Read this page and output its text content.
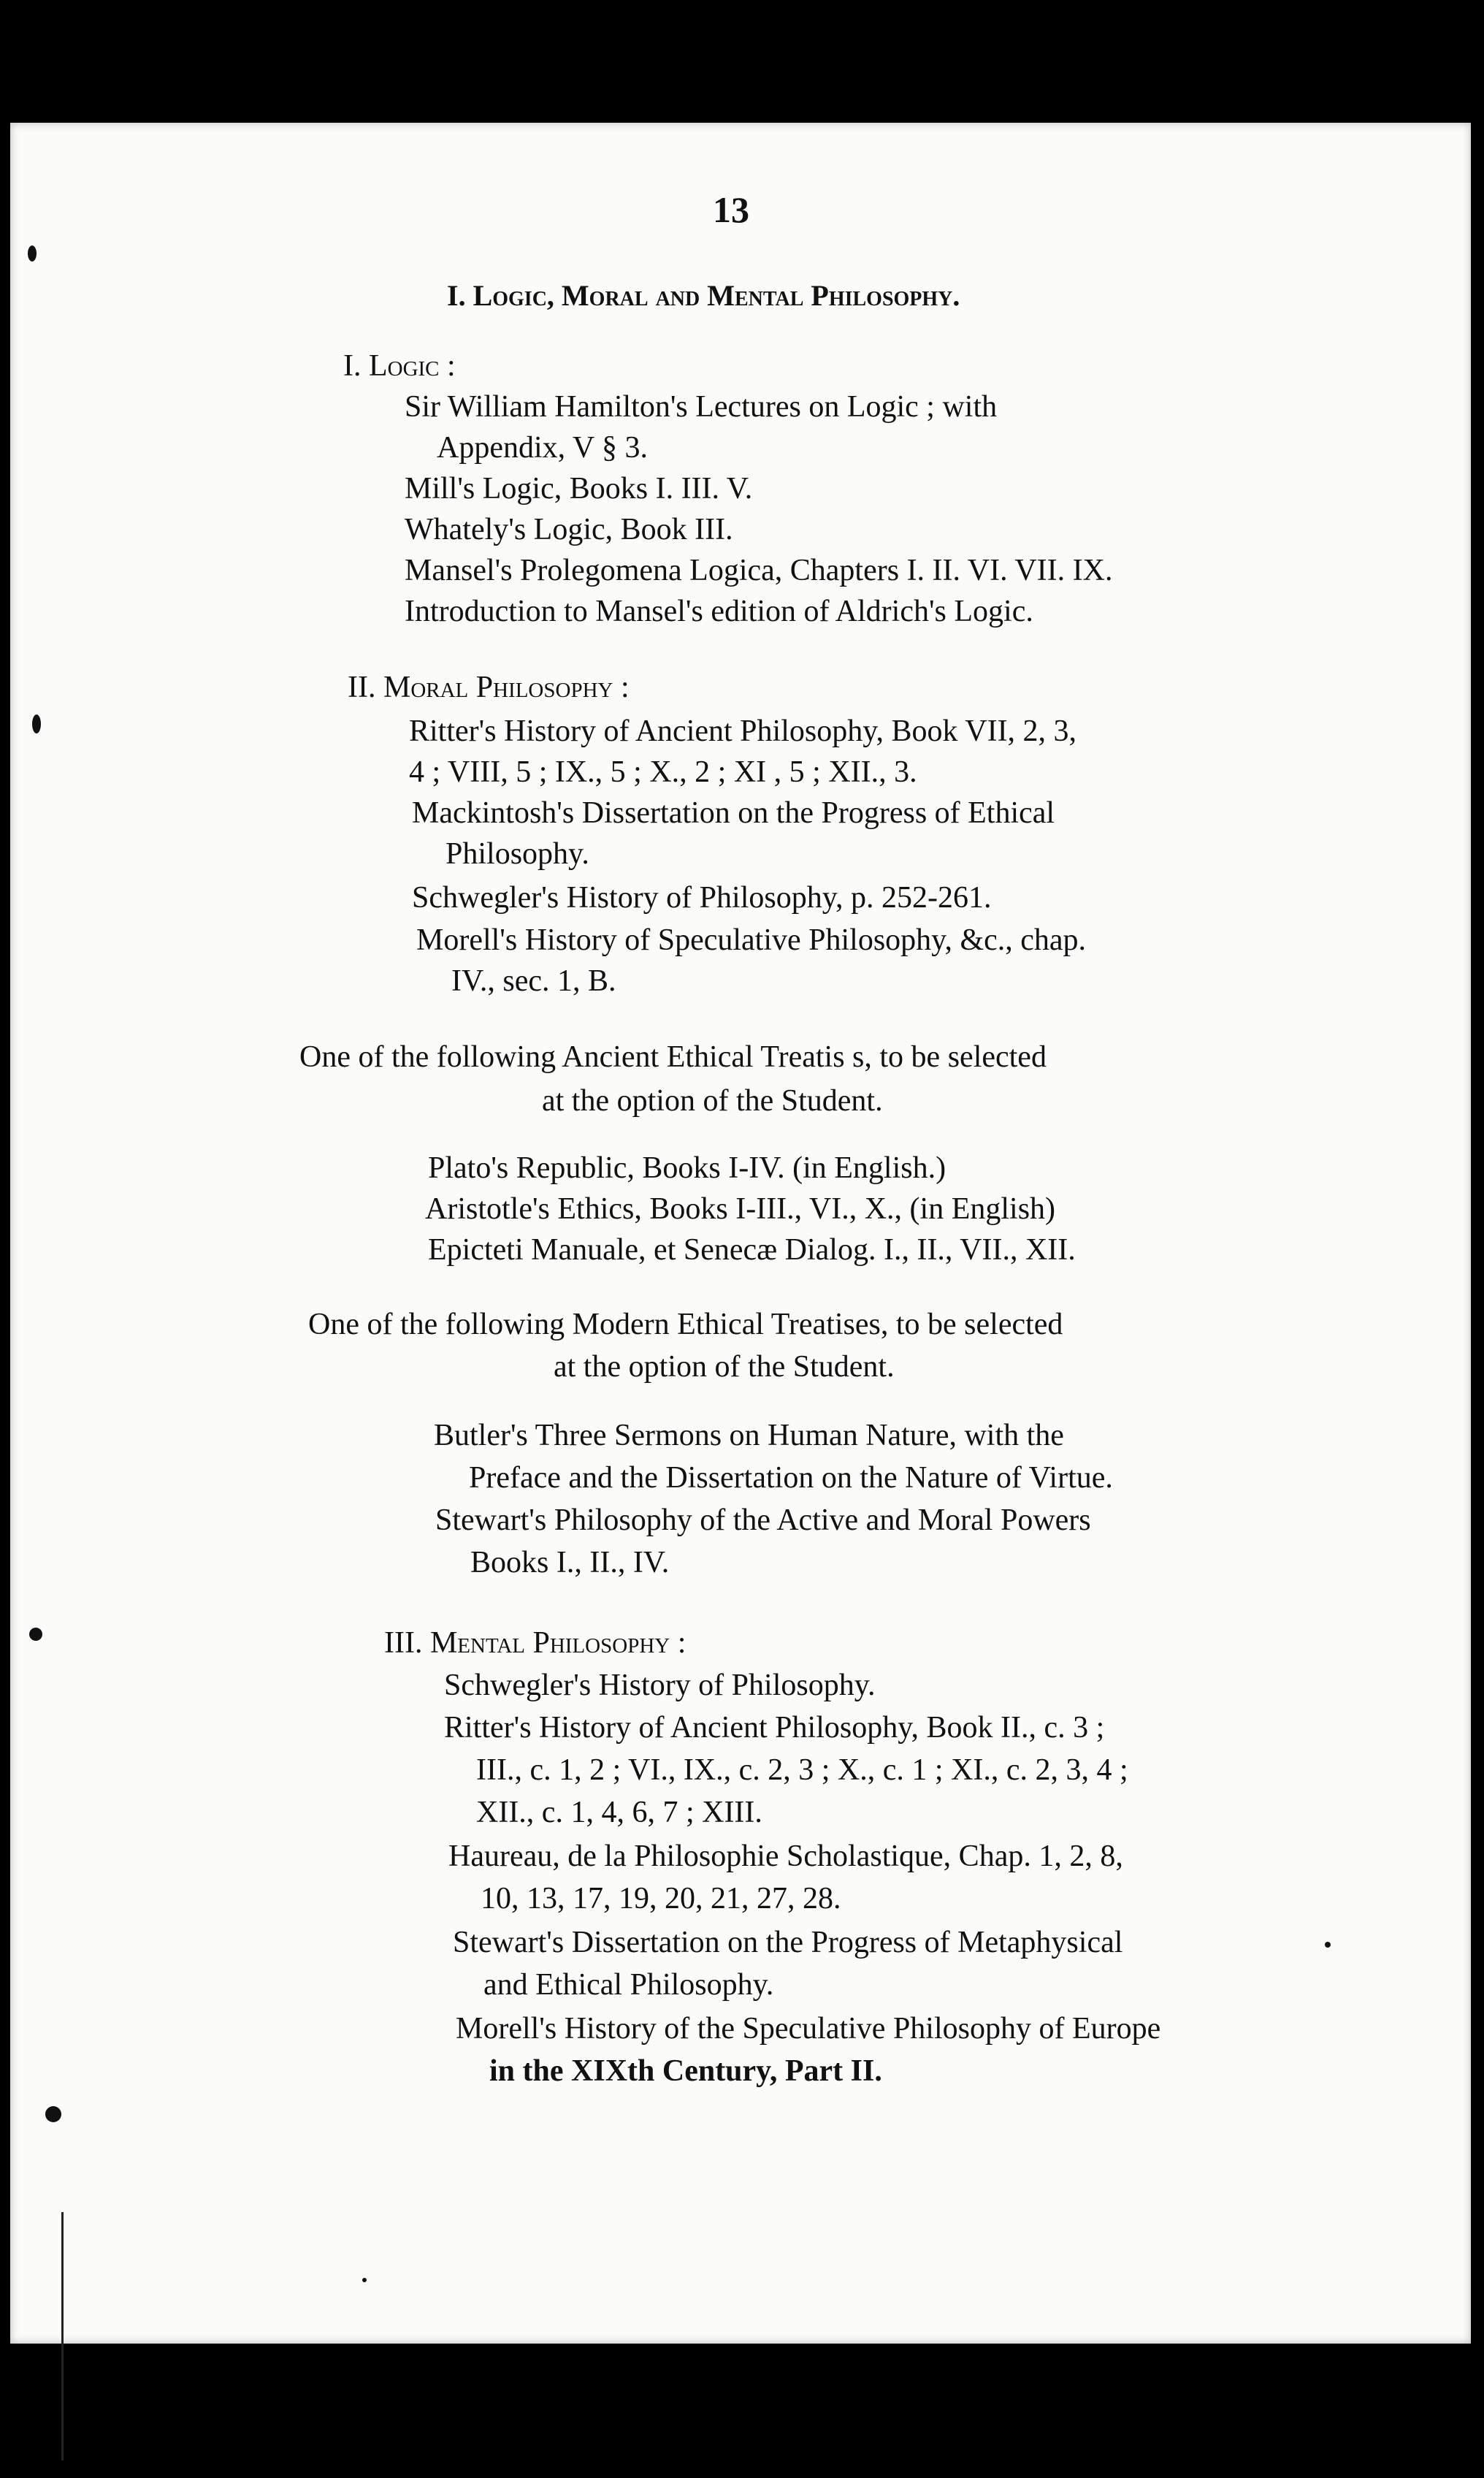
13
I. Logic, Moral and Mental Philosophy.
I. Logic :
Sir William Hamilton's Lectures on Logic ; with
Appendix, V § 3.
Mill's Logic, Books I. III. V.
Whately's Logic, Book III.
Mansel's Prolegomena Logica, Chapters I. II. VI. VII. IX.
Introduction to Mansel's edition of Aldrich's Logic.
II. Moral Philosophy :
Ritter's History of Ancient Philosophy, Book VII, 2, 3,
4 ; VIII, 5 ; IX., 5 ; X., 2 ; XI , 5 ; XII., 3.
Mackintosh's Dissertation on the Progress of Ethical
Philosophy.
Schwegler's History of Philosophy, p. 252-261.
Morell's History of Speculative Philosophy, &c., chap.
IV., sec. 1, B.
One of the following Ancient Ethical Treatis s, to be selected
at the option of the Student.
Plato's Republic, Books I-IV. (in English.)
Aristotle's Ethics, Books I-III., VI., X., (in English)
Epicteti Manuale, et Senecæ Dialog. I., II., VII., XII.
One of the following Modern Ethical Treatises, to be selected
at the option of the Student.
Butler's Three Sermons on Human Nature, with the
Preface and the Dissertation on the Nature of Virtue.
Stewart's Philosophy of the Active and Moral Powers
Books I., II., IV.
III. Mental Philosophy :
Schwegler's History of Philosophy.
Ritter's History of Ancient Philosophy, Book II., c. 3 ;
III., c. 1, 2 ; VI., IX., c. 2, 3 ; X., c. 1 ; XI., c. 2, 3, 4 ;
XII., c. 1, 4, 6, 7 ; XIII.
Haureau, de la Philosophie Scholastique, Chap. 1, 2, 8,
10, 13, 17, 19, 20, 21, 27, 28.
Stewart's Dissertation on the Progress of Metaphysical
and Ethical Philosophy.
Morell's History of the Speculative Philosophy of Europe
in the XIXth Century, Part II.
